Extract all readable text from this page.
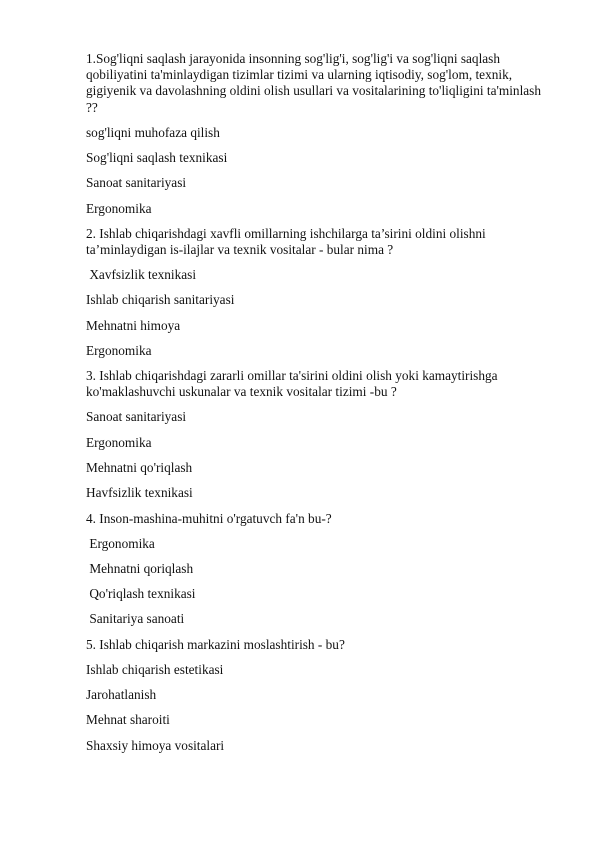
1.Sog'liqni saqlash jarayonida insonning sog'lig'i, sog'lig'i va sog'liqni saqlash qobiliyatini ta'minlaydigan tizimlar tizimi va ularning iqtisodiy, sog'lom, texnik, gigiyenik va davolashning oldini olish usullari va vositalarining to'liqligini ta'minlash ??
sog'liqni muhofaza qilish
Sog'liqni saqlash texnikasi
Sanoat sanitariyasi
Ergonomika
2. Ishlab chiqarishdagi xavfli omillarning ishchilarga ta’sirini oldini olishni ta’minlaydigan is-ilajlar va texnik vositalar - bular nima ?
Xavfsizlik texnikasi
Ishlab chiqarish sanitariyasi
Mehnatni himoya
Ergonomika
3. Ishlab chiqarishdagi zararli omillar ta'sirini oldini olish yoki kamaytirishga ko'maklashuvchi uskunalar va texnik vositalar tizimi -bu ?
Sanoat sanitariyasi
Ergonomika
Mehnatni qo'riqlash
Havfsizlik texnikasi
4. Inson-mashina-muhitni o'rgatuvch fa'n bu-?
Ergonomika
Mehnatni qoriqlash
Qo'riqlash texnikasi
Sanitariya sanoati
5. Ishlab chiqarish markazini moslashtirish - bu?
Ishlab chiqarish estetikasi
Jarohatlanish
Mehnat sharoiti
Shaxsiy himoya vositalari
